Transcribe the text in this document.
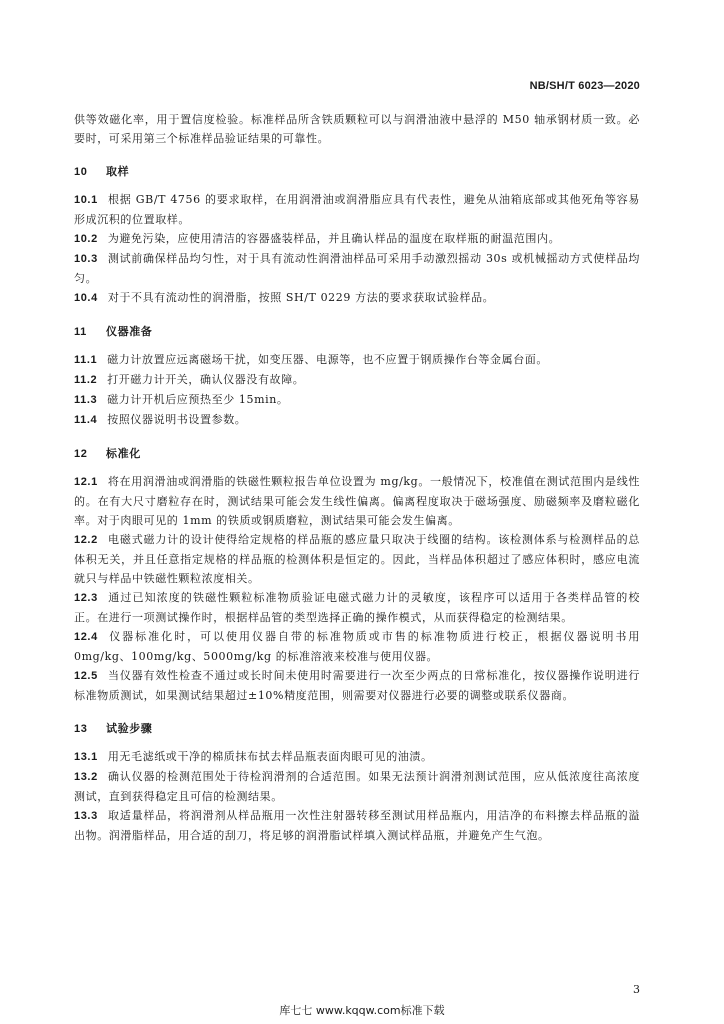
NB/SH/T 6023—2020

供等效磁化率，用于置信度检验。标准样品所含铁质颗粒可以与润滑油液中悬浮的 M50 轴承钢材质一致。必要时，可采用第三个标准样品验证结果的可靠性。

10 取样

10.1 根据 GB/T 4756 的要求取样，在用润滑油或润滑脂应具有代表性，避免从油箱底部或其他死角等容易形成沉积的位置取样。

10.2 为避免污染，应使用清洁的容器盛装样品，并且确认样品的温度在取样瓶的耐温范围内。

10.3 测试前确保样品均匀性，对于具有流动性润滑油样品可采用手动激烈摇动 30s 或机械摇动方式使样品均匀。

10.4 对于不具有流动性的润滑脂，按照 SH/T 0229 方法的要求获取试验样品。

11 仪器准备

11.1 磁力计放置应远离磁场干扰，如变压器、电源等，也不应置于钢质操作台等金属台面。

11.2 打开磁力计开关，确认仪器没有故障。

11.3 磁力计开机后应预热至少 15min。

11.4 按照仪器说明书设置参数。

12 标准化

12.1 将在用润滑油或润滑脂的铁磁性颗粒报告单位设置为 mg/kg。一般情况下，校准值在测试范围内是线性的。在有大尺寸磨粒存在时，测试结果可能会发生线性偏离。偏离程度取决于磁场强度、励磁频率及磨粒磁化率。对于肉眼可见的 1mm 的铁质或钢质磨粒，测试结果可能会发生偏离。

12.2 电磁式磁力计的设计使得给定规格的样品瓶的感应量只取决于线圈的结构。该检测体系与检测样品的总体积无关，并且任意指定规格的样品瓶的检测体积是恒定的。因此，当样品体积超过了感应体积时，感应电流就只与样品中铁磁性颗粒浓度相关。

12.3 通过已知浓度的铁磁性颗粒标准物质验证电磁式磁力计的灵敏度，该程序可以适用于各类样品管的校正。在进行一项测试操作时，根据样品管的类型选择正确的操作模式，从而获得稳定的检测结果。

12.4 仪器标准化时，可以使用仪器自带的标准物质或市售的标准物质进行校正，根据仪器说明书用 0mg/kg、100mg/kg、5000mg/kg 的标准溶液来校准与使用仪器。

12.5 当仪器有效性检查不通过或长时间未使用时需要进行一次至少两点的日常标准化，按仪器操作说明进行标准物质测试，如果测试结果超过±10%精度范围，则需要对仪器进行必要的调整或联系仪器商。

13 试验步骤

13.1 用无毛滤纸或干净的棉质抹布拭去样品瓶表面肉眼可见的油渍。

13.2 确认仪器的检测范围处于待检润滑剂的合适范围。如果无法预计润滑剂测试范围，应从低浓度往高浓度测试，直到获得稳定且可信的检测结果。

13.3 取适量样品，将润滑剂从样品瓶用一次性注射器转移至测试用样品瓶内，用洁净的布料擦去样品瓶的溢出物。润滑脂样品，用合适的刮刀，将足够的润滑脂试样填入测试样品瓶，并避免产生气泡。

3
库七七 www.kqqw.com标准下载
